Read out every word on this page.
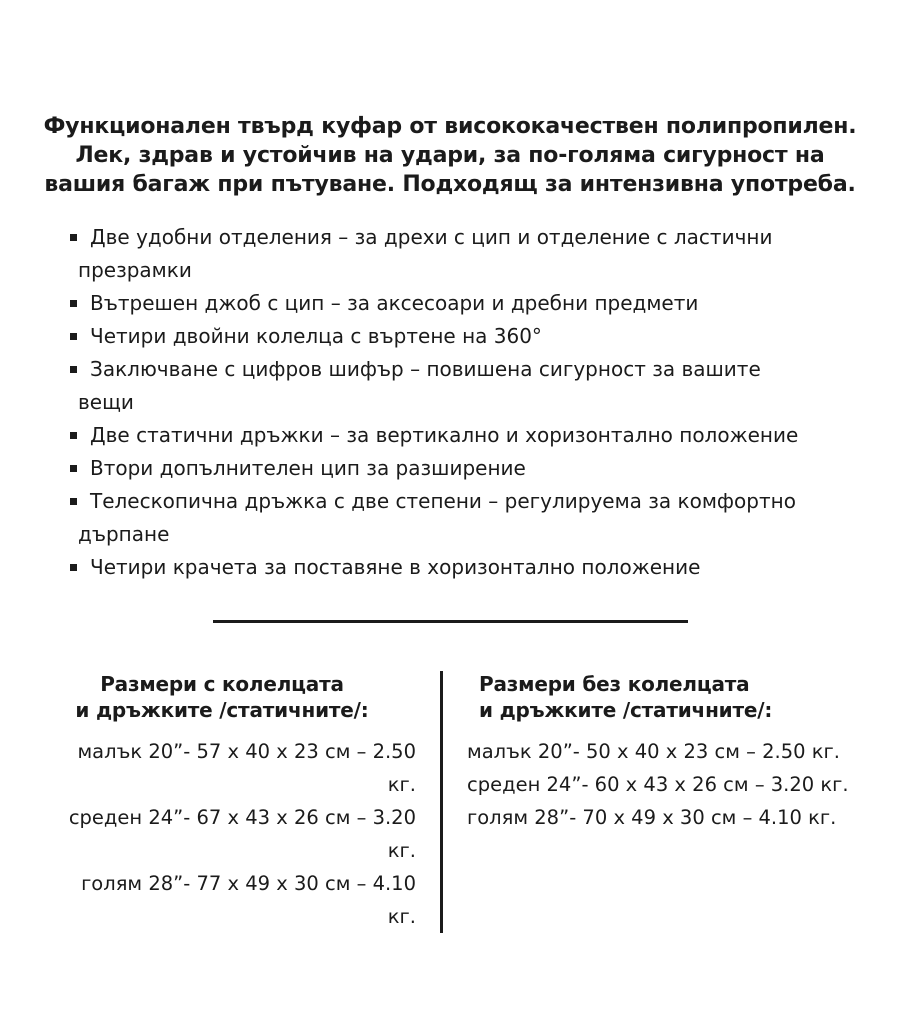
Функционален твърд куфар от висококачествен полипропилен.
Лек, здрав и устойчив на удари, за по-голяма сигурност на
вашия багаж при пътуване. Подходящ за интензивна употреба.
Две удобни отделения – за дрехи с цип и отделение с ластични презрамки
Вътрешен джоб с цип – за аксесоари и дребни предмети
Четири двойни колелца с въртене на 360°
Заключване с цифров шифър – повишена сигурност за вашите вещи
Две статични дръжки – за вертикално и хоризонтално положение
Втори допълнителен цип за разширение
Телескопична дръжка с две степени – регулируема за комфортно дърпане
Четири крачета за поставяне в хоризонтално положение
Размери с колелцата
и дръжките /статичните/:
малък 20”- 57 х 40 х 23 см – 2.50 кг.
среден 24”- 67 х 43 х 26 см – 3.20 кг.
голям 28”- 77 х 49 х 30 см – 4.10 кг.
Размери без колелцата
и дръжките /статичните/:
малък 20”- 50 х 40 х 23 см – 2.50 кг.
среден 24”- 60 х 43 х 26 см – 3.20 кг.
голям 28”- 70 х 49 х 30 см – 4.10 кг.
